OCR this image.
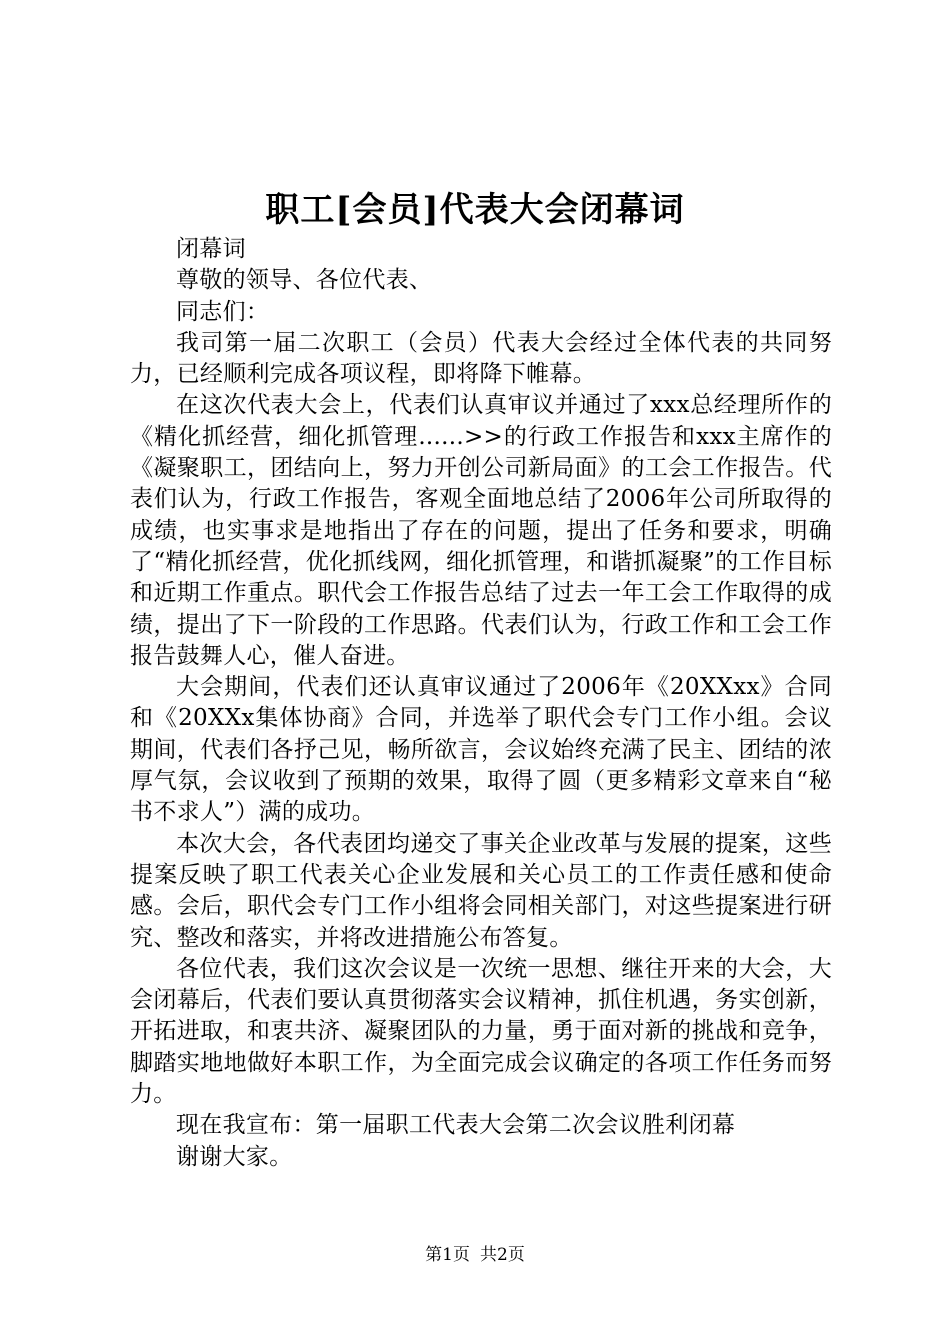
职工[会员]代表大会闭幕词

闭幕词

尊敬的领导、各位代表、

同志们：

我司第一届二次职工（会员）代表大会经过全体代表的共同努力，已经顺利完成各项议程，即将降下帷幕。

在这次代表大会上，代表们认真审议并通过了xxx总经理所作的《精化抓经营，细化抓管理......>>的行政工作报告和xxx主席作的《凝聚职工，团结向上，努力开创公司新局面》的工会工作报告。代表们认为，行政工作报告，客观全面地总结了2006年公司所取得的成绩，也实事求是地指出了存在的问题，提出了任务和要求，明确了“精化抓经营，优化抓线网，细化抓管理，和谐抓凝聚”的工作目标和近期工作重点。职代会工作报告总结了过去一年工会工作取得的成绩，提出了下一阶段的工作思路。代表们认为，行政工作和工会工作报告鼓舞人心，催人奋进。

大会期间，代表们还认真审议通过了2006年《20XXxx》合同和《20XXx集体协商》合同，并选举了职代会专门工作小组。会议期间，代表们各抒己见，畅所欲言，会议始终充满了民主、团结的浓厚气氛，会议收到了预期的效果，取得了圆（更多精彩文章来自“秘书不求人”）满的成功。

本次大会，各代表团均递交了事关企业改革与发展的提案，这些提案反映了职工代表关心企业发展和关心员工的工作责任感和使命感。会后，职代会专门工作小组将会同相关部门，对这些提案进行研究、整改和落实，并将改进措施公布答复。

各位代表，我们这次会议是一次统一思想、继往开来的大会，大会闭幕后，代表们要认真贯彻落实会议精神，抓住机遇，务实创新，开拓进取，和衷共济、凝聚团队的力量，勇于面对新的挑战和竞争，脚踏实地地做好本职工作，为全面完成会议确定的各项工作任务而努力。

现在我宣布：第一届职工代表大会第二次会议胜利闭幕

谢谢大家。

第1页 共2页
